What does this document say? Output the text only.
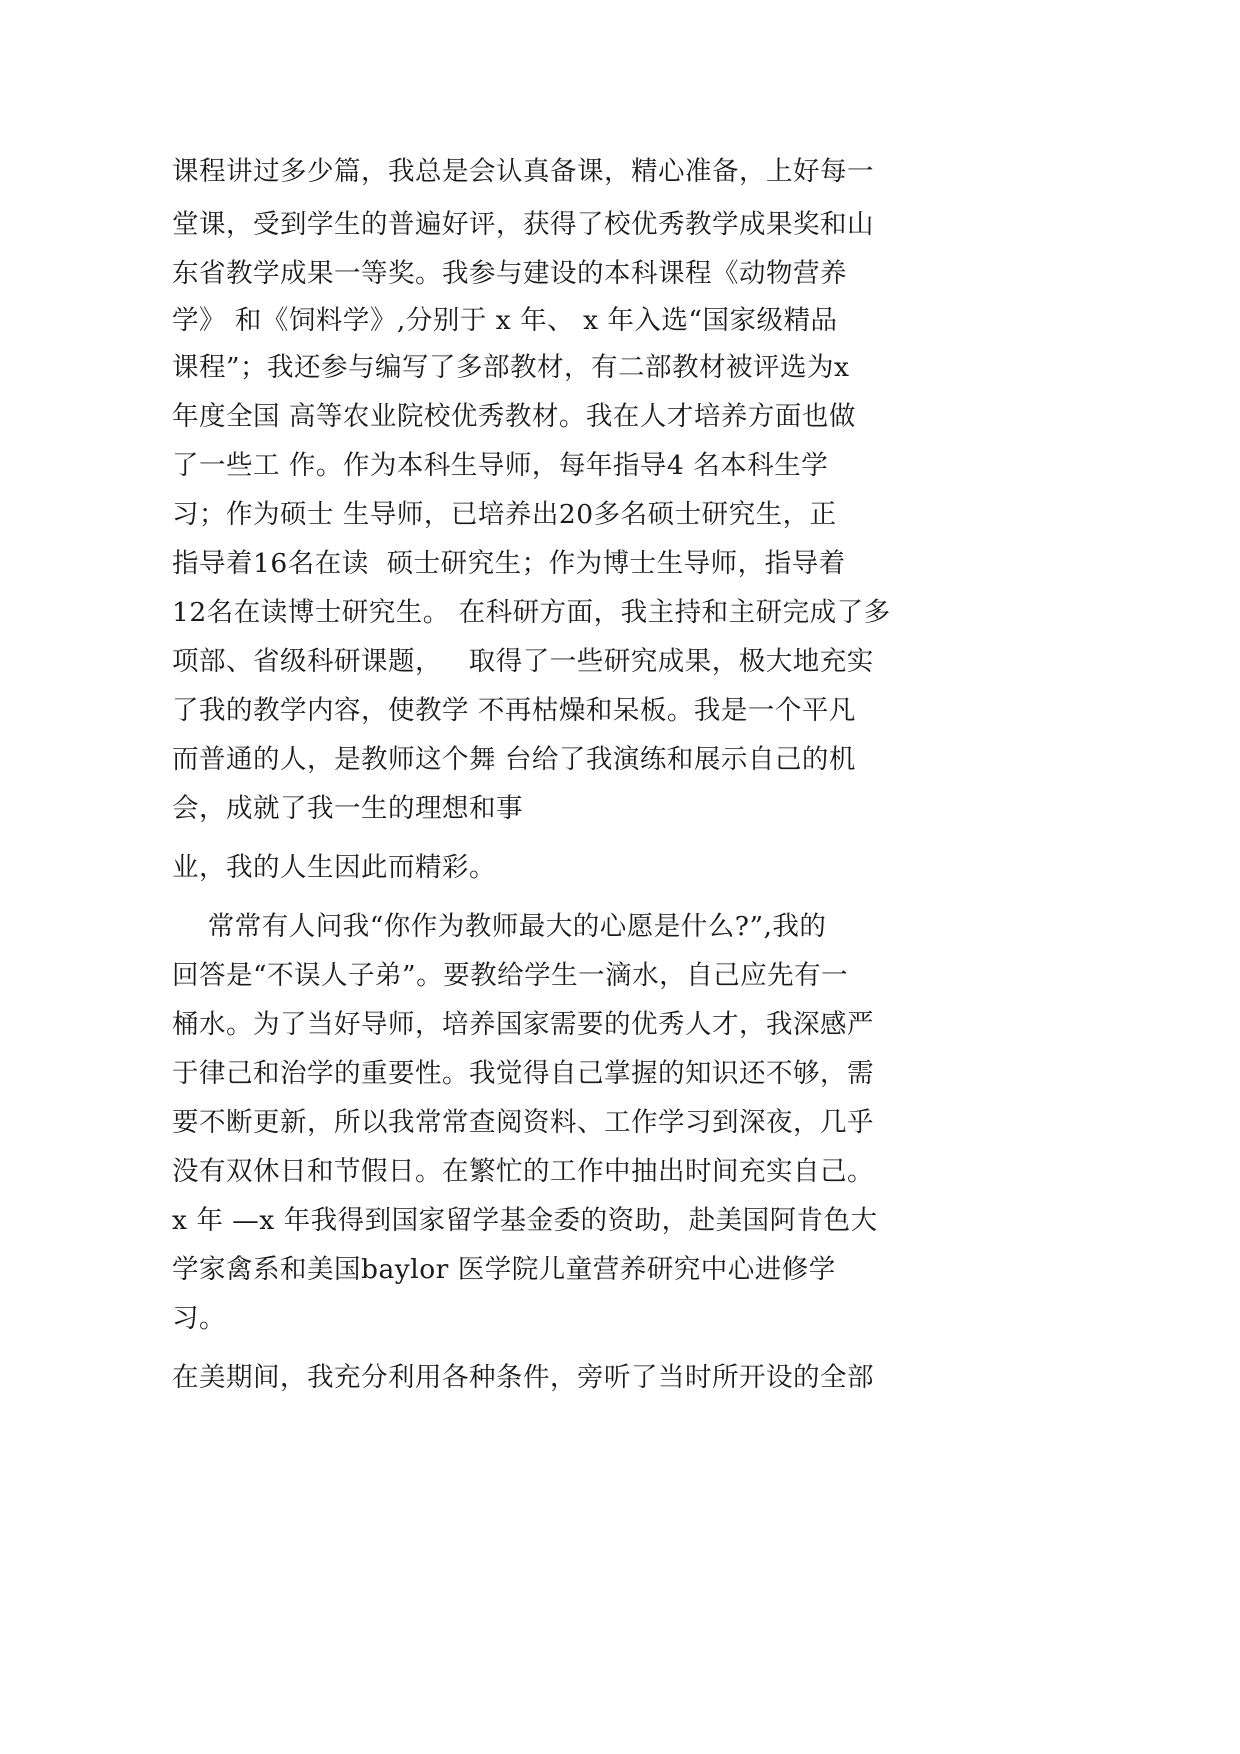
课程讲过多少篇，我总是会认真备课，精心准备，上好每一

堂课，受到学生的普遍好评，获得了校优秀教学成果奖和山

东省教学成果一等奖。我参与建设的本科课程《动物营养

学》 和《饲料学》,分别于 x 年、 x 年入选“国家级精品

课程”；我还参与编写了多部教材，有二部教材被评选为x

年度全国 高等农业院校优秀教材。我在人才培养方面也做

了一些工 作。作为本科生导师，每年指导4 名本科生学

习；作为硕士 生导师，已培养出20多名硕士研究生，正

指导着16名在读  硕士研究生；作为博士生导师，指导着

12名在读博士研究生。 在科研方面，我主持和主研完成了多

项部、省级科研课题，   取得了一些研究成果，极大地充实

了我的教学内容，使教学 不再枯燥和呆板。我是一个平凡

而普通的人，是教师这个舞 台给了我演练和展示自己的机

会，成就了我一生的理想和事

业，我的人生因此而精彩。

常常有人问我“你作为教师最大的心愿是什么?”,我的

回答是“不误人子弟”。要教给学生一滴水，自己应先有一

桶水。为了当好导师，培养国家需要的优秀人才，我深感严

于律己和治学的重要性。我觉得自己掌握的知识还不够，需

要不断更新，所以我常常查阅资料、工作学习到深夜，几乎

没有双休日和节假日。在繁忙的工作中抽出时间充实自己。

x 年 —x 年我得到国家留学基金委的资助，赴美国阿肯色大

学家禽系和美国baylor 医学院儿童营养研究中心进修学

习。

在美期间，我充分利用各种条件，旁听了当时所开设的全部
